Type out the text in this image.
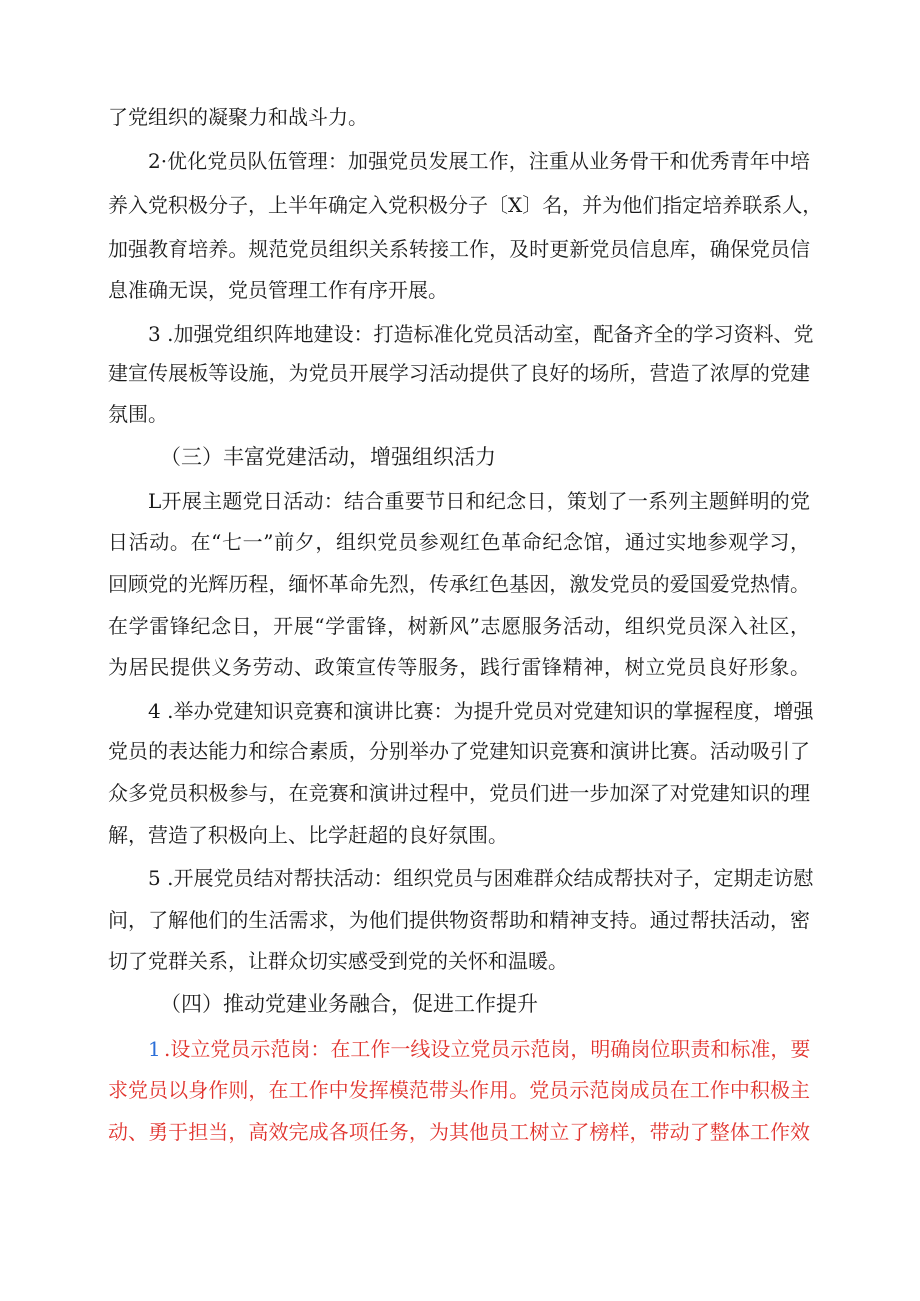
了党组织的凝聚力和战斗力。
2·优化党员队伍管理：加强党员发展工作，注重从业务骨干和优秀青年中培
养入党积极分子，上半年确定入党积极分子〔X〕名，并为他们指定培养联系人，
加强教育培养。规范党员组织关系转接工作，及时更新党员信息库，确保党员信
息准确无误，党员管理工作有序开展。
3 .加强党组织阵地建设：打造标准化党员活动室，配备齐全的学习资料、党
建宣传展板等设施，为党员开展学习活动提供了良好的场所，营造了浓厚的党建
氛围。
（三）丰富党建活动，增强组织活力
L开展主题党日活动：结合重要节日和纪念日，策划了一系列主题鲜明的党
日活动。在“七一”前夕，组织党员参观红色革命纪念馆，通过实地参观学习，
回顾党的光辉历程，缅怀革命先烈，传承红色基因，激发党员的爱国爱党热情。
在学雷锋纪念日，开展“学雷锋，树新风”志愿服务活动，组织党员深入社区，
为居民提供义务劳动、政策宣传等服务，践行雷锋精神，树立党员良好形象。
4 .举办党建知识竞赛和演讲比赛：为提升党员对党建知识的掌握程度，增强
党员的表达能力和综合素质，分别举办了党建知识竞赛和演讲比赛。活动吸引了
众多党员积极参与，在竞赛和演讲过程中，党员们进一步加深了对党建知识的理
解，营造了积极向上、比学赶超的良好氛围。
5 .开展党员结对帮扶活动：组织党员与困难群众结成帮扶对子，定期走访慰
问，了解他们的生活需求，为他们提供物资帮助和精神支持。通过帮扶活动，密
切了党群关系，让群众切实感受到党的关怀和温暖。
（四）推动党建业务融合，促进工作提升
1 .设立党员示范岗：在工作一线设立党员示范岗，明确岗位职责和标准，要
求党员以身作则，在工作中发挥模范带头作用。党员示范岗成员在工作中积极主
动、勇于担当，高效完成各项任务，为其他员工树立了榜样，带动了整体工作效
